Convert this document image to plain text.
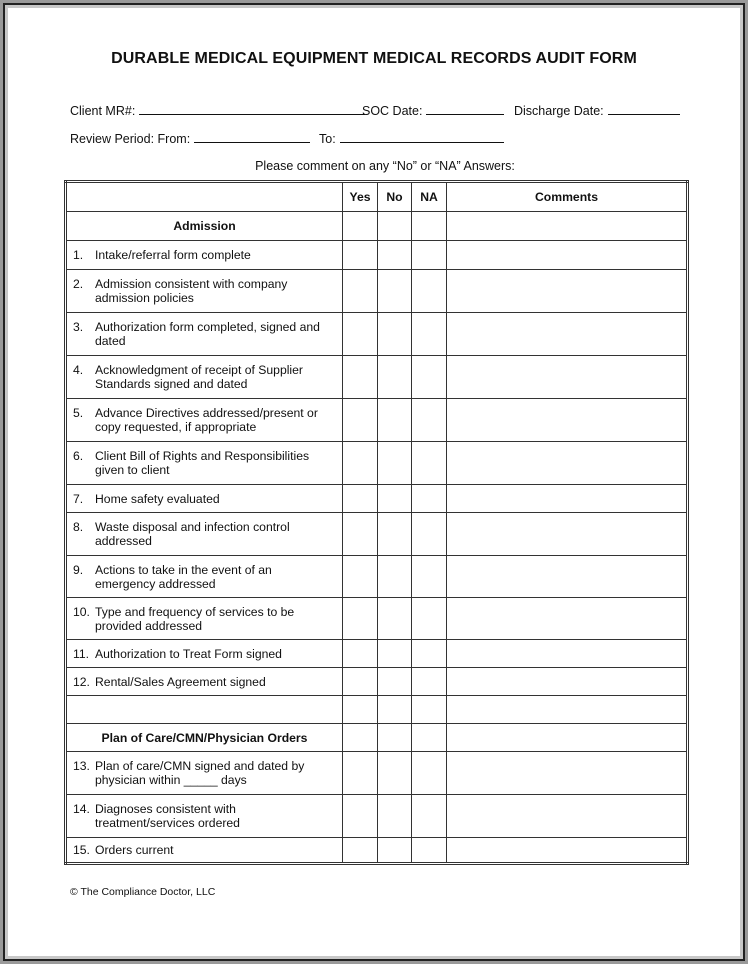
DURABLE MEDICAL EQUIPMENT MEDICAL RECORDS AUDIT FORM
Client MR#:	SOC Date:	Discharge Date:
Review Period: From:	To:
Please comment on any “No” or “NA” Answers:
	Yes	No	NA	Comments
Admission				
1. Intake/referral form complete				
2. Admission consistent with company admission policies				
3. Authorization form completed, signed and dated				
4. Acknowledgment of receipt of Supplier Standards signed and dated				
5. Advance Directives addressed/present or copy requested, if appropriate				
6. Client Bill of Rights and Responsibilities given to client				
7. Home safety evaluated				
8. Waste disposal and infection control addressed				
9. Actions to take in the event of an emergency addressed				
10. Type and frequency of services to be provided addressed				
11. Authorization to Treat Form signed				
12. Rental/Sales Agreement signed				

Plan of Care/CMN/Physician Orders				
13. Plan of care/CMN signed and dated by physician within _____ days				
14. Diagnoses consistent with treatment/services ordered				
15. Orders current				
© The Compliance Doctor, LLC
